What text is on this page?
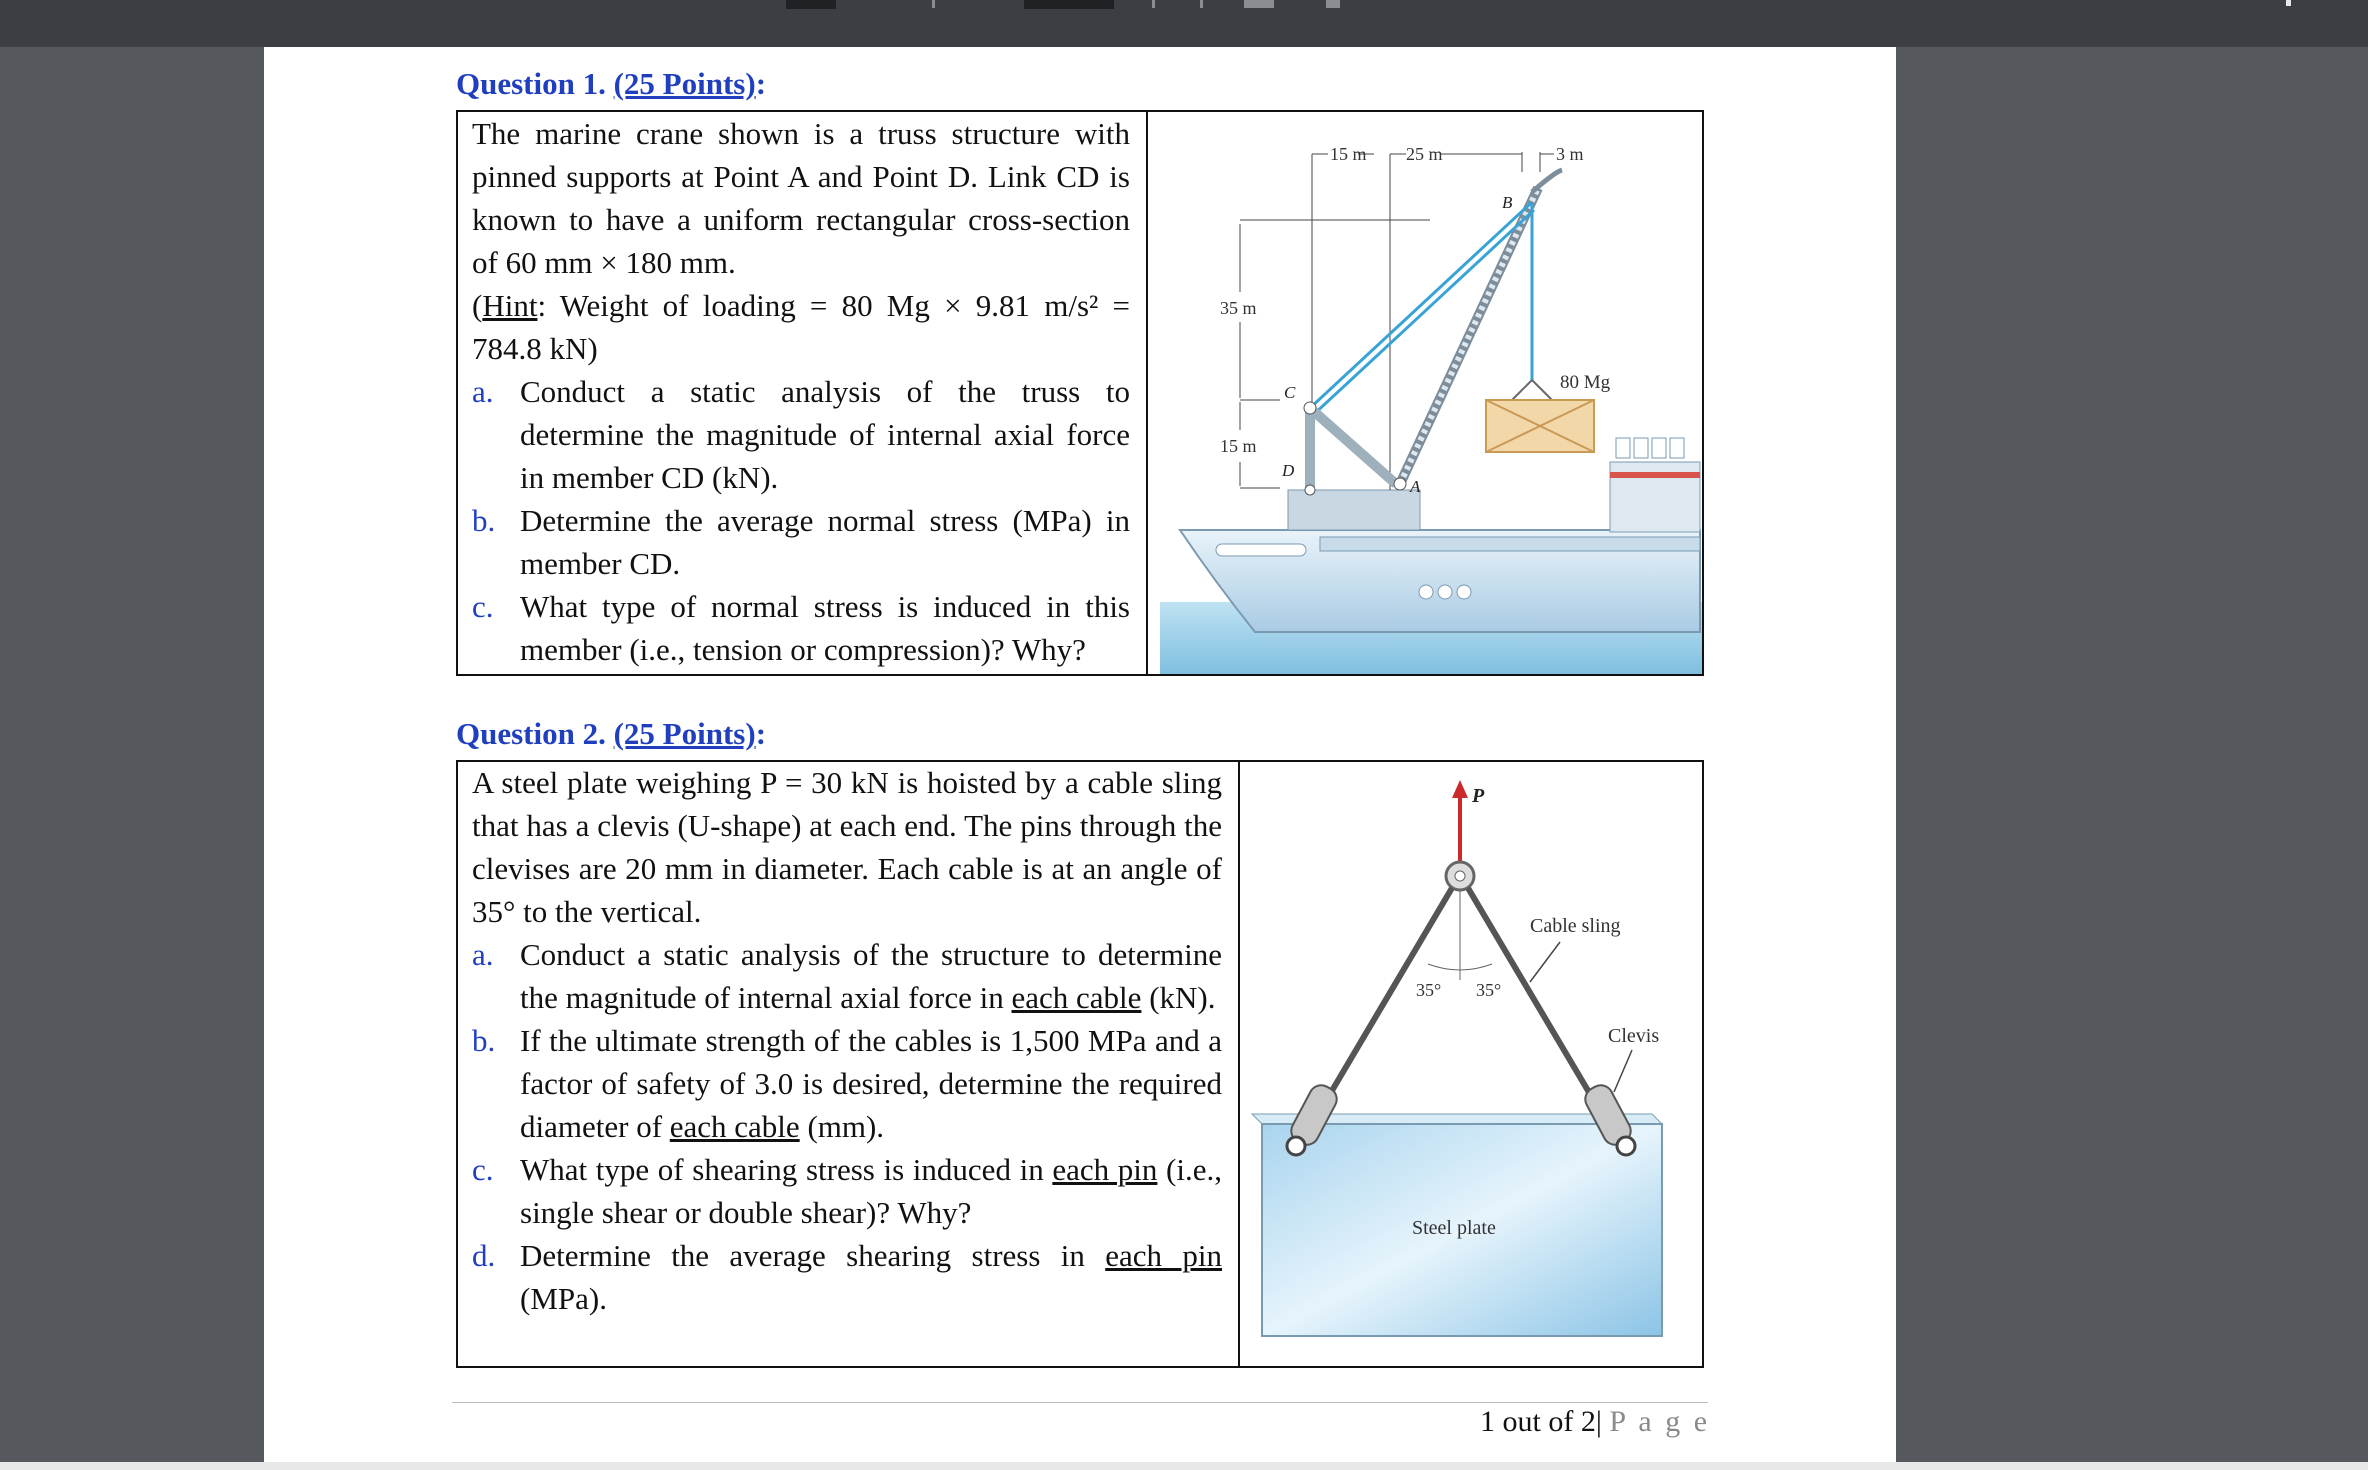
Question 1. (25 Points):

The marine crane shown is a truss structure with pinned supports at Point A and Point D. Link CD is known to have a uniform rectangular cross-section of 60 mm × 180 mm.

(Hint: Weight of loading = 80 Mg × 9.81 m/s² = 784.8 kN)

a. Conduct a static analysis of the truss to determine the magnitude of internal axial force in member CD (kN).
b. Determine the average normal stress (MPa) in member CD.
c. What type of normal stress is induced in this member (i.e., tension or compression)? Why?
15 m 25 m	3 m
35 m
15 m
B
C
D
A
80 Mg
Question 2. (25 Points):

A steel plate weighing P = 30 kN is hoisted by a cable sling that has a clevis (U-shape) at each end. The pins through the clevises are 20 mm in diameter. Each cable is at an angle of 35° to the vertical.

a. Conduct a static analysis of the structure to determine the magnitude of internal axial force in each cable (kN).
b. If the ultimate strength of the cables is 1,500 MPa and a factor of safety of 3.0 is desired, determine the required diameter of each cable (mm).
c. What type of shearing stress is induced in each pin (i.e., single shear or double shear)? Why?
d. Determine the average shearing stress in each pin (MPa).
P
35° 35°
Cable sling
Clevis
Steel plate
1 out of 2| P a g e
